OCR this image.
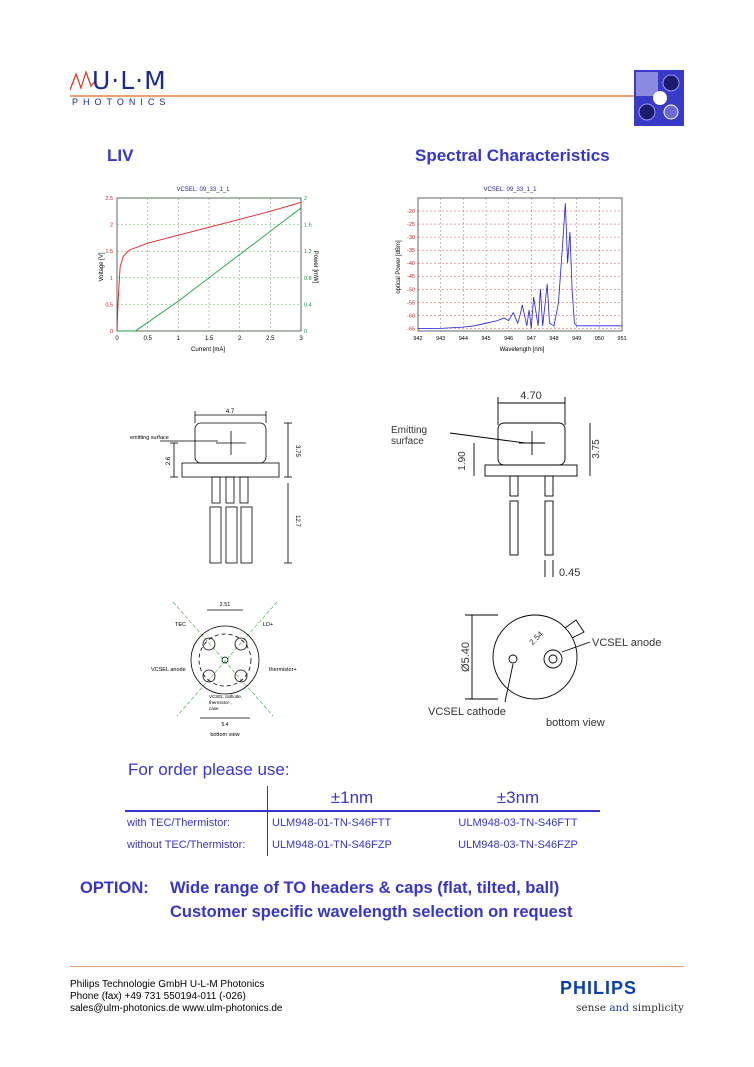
U·L·M
PHOTONICS
LIV	Spectral Characteristics
VCSEL: 09_33_1_1
0	0.5	1	1.5	2	2.5	3
0
0.5
1
1.5
2
2.5
0
0.4
0.8
1.2
1.6
2
Current [mA]
Voltage [V]	Power [mW]
VCSEL: 09_33_1_1
942 943 944 945 946 947 948 949 950 951
-20
-25
-30
-35
-40
-45
-50
-55
-60
-65
Wavelength [nm]
optical Power [dBm]
4.7
emitting surface
3.75
2.6
12.7
4.70
Emitting
surface
1.90
3.75
0.45
2.51
TEC	LD+
VCSEL anode	thermistor+
VCSEL cathode,
thermistor-,
case
5.4
bottom view
Ø5.40
2.54	VCSEL anode
VCSEL cathode
bottom view
For order please use:
	±1nm	±3nm
with TEC/Thermistor:	ULM948-01-TN-S46FTT	ULM948-03-TN-S46FTT
without TEC/Thermistor:	ULM948-01-TN-S46FZP	ULM948-03-TN-S46FZP
OPTION: Wide range of TO headers & caps (flat, tilted, ball)
Customer specific wavelength selection on request
Philips Technologie GmbH U-L-M Photonics
Phone (fax) +49 731 550194-011 (-026)
sales@ulm-photonics.de www.ulm-photonics.de
PHILIPS
sense and simplicity
